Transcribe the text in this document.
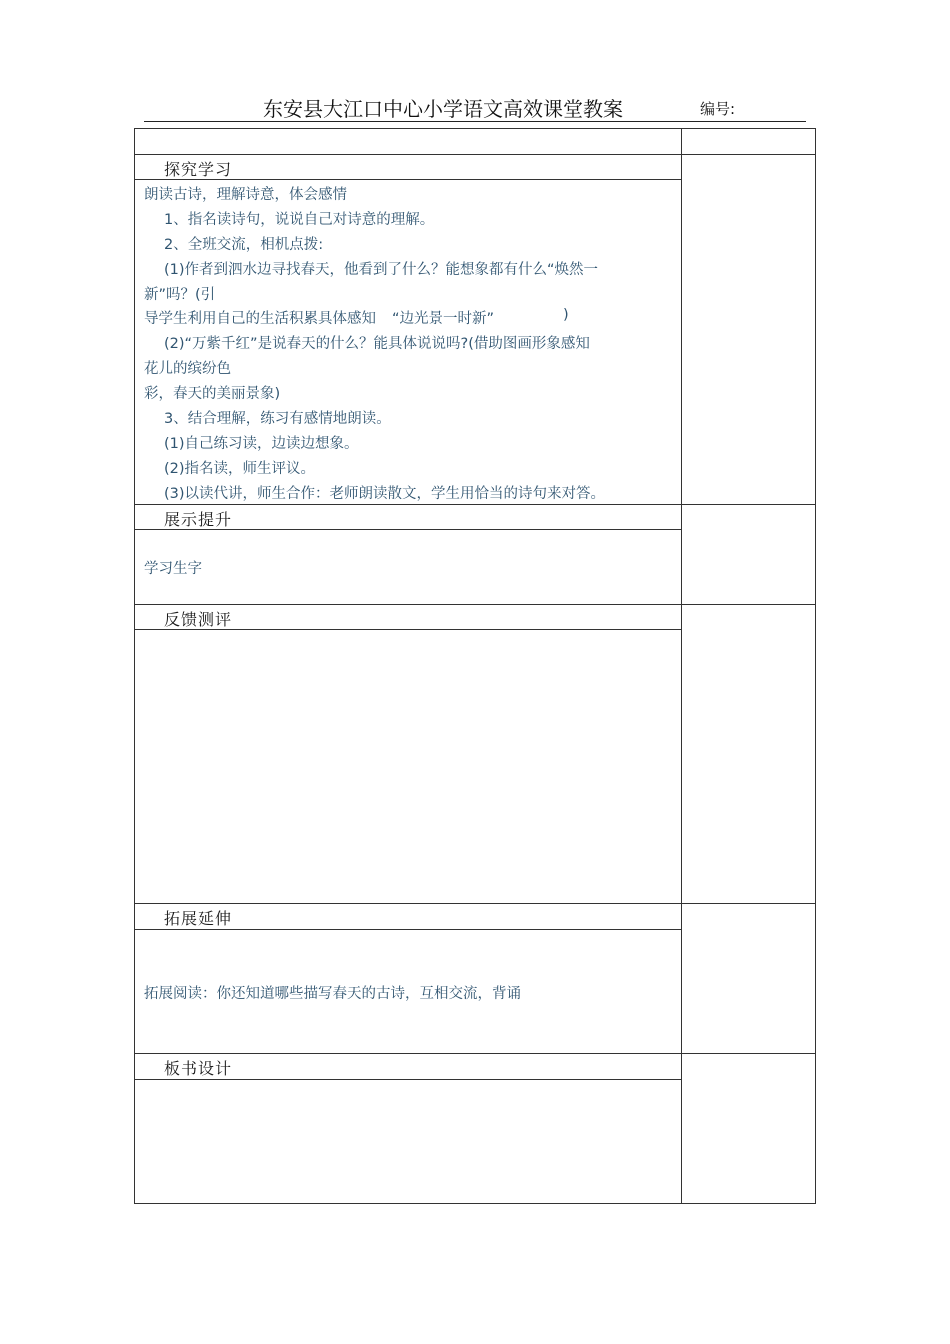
东安县大江口中心小学语文高效课堂教案	编号:
探究学习
朗读古诗，理解诗意，体会感情
1、指名读诗句，说说自己对诗意的理解。
2、全班交流，相机点拨:
(1)作者到泗水边寻找春天，他看到了什么？能想象都有什么“焕然一
新”吗？(引
导学生利用自己的生活积累具体感知 “边光景一时新”	)
(2)“万紫千红”是说春天的什么？能具体说说吗?(借助图画形象感知
花儿的缤纷色
彩，春天的美丽景象)
3、结合理解，练习有感情地朗读。
(1)自己练习读，边读边想象。
(2)指名读，师生评议。
(3)以读代讲，师生合作：老师朗读散文，学生用恰当的诗句来对答。
展示提升
学习生字
反馈测评
拓展延伸
拓展阅读：你还知道哪些描写春天的古诗，互相交流，背诵
板书设计
